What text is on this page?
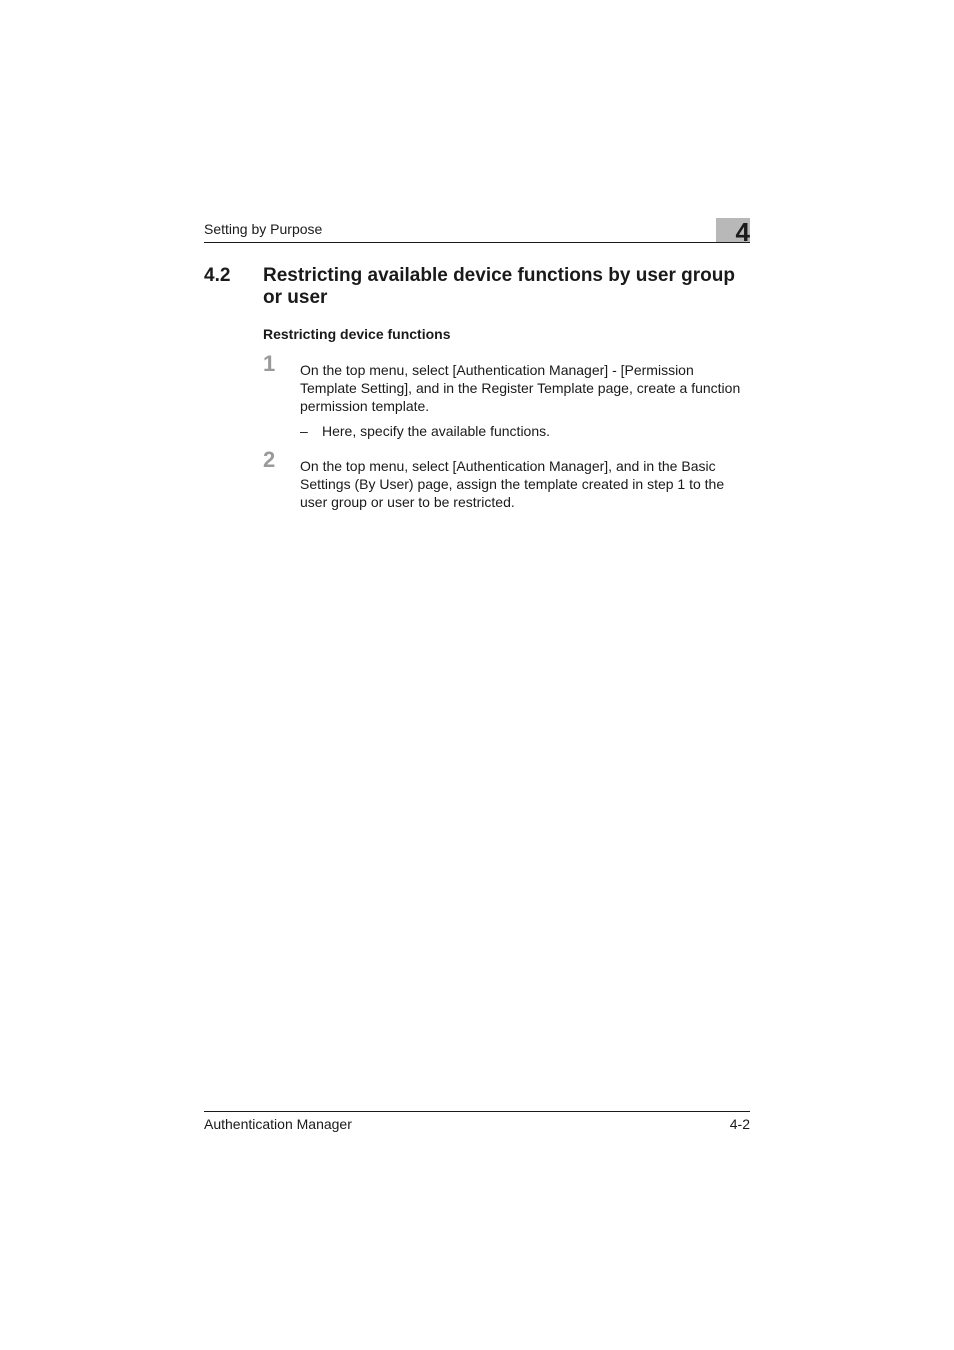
Setting by Purpose	4
4.2 Restricting available device functions by user group or user
Restricting device functions
1 On the top menu, select [Authentication Manager] - [Permission Template Setting], and in the Register Template page, create a function permission template.
– Here, specify the available functions.
2 On the top menu, select [Authentication Manager], and in the Basic Settings (By User) page, assign the template created in step 1 to the user group or user to be restricted.
Authentication Manager	4-2
